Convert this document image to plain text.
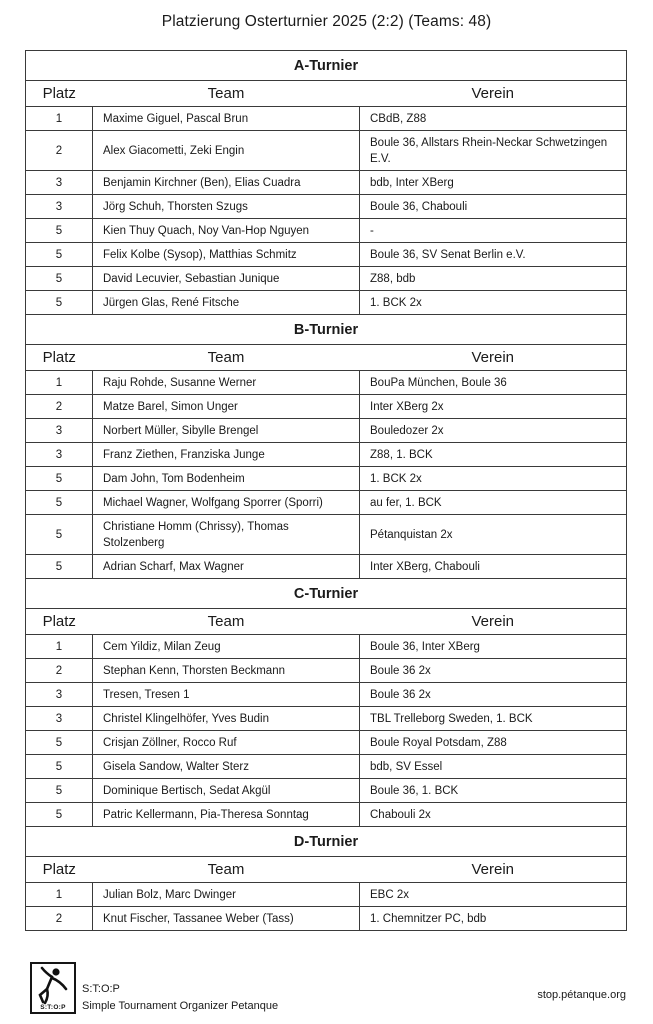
Platzierung Osterturnier 2025 (2:2) (Teams: 48)
A-Turnier		
Platz	Team	Verein
1	Maxime Giguel, Pascal Brun	CBdB, Z88
2	Alex Giacometti, Zeki Engin	Boule 36, Allstars Rhein-Neckar Schwetzingen E.V.
3	Benjamin Kirchner (Ben), Elias Cuadra	bdb, Inter XBerg
3	Jörg Schuh, Thorsten Szugs	Boule 36, Chabouli
5	Kien Thuy Quach, Noy Van-Hop Nguyen	-
5	Felix Kolbe (Sysop), Matthias Schmitz	Boule 36, SV Senat Berlin e.V.
5	David Lecuvier, Sebastian Junique	Z88, bdb
5	Jürgen Glas, René Fitsche	1. BCK 2x
B-Turnier		
Platz	Team	Verein
1	Raju Rohde, Susanne Werner	BouPa München, Boule 36
2	Matze Barel, Simon Unger	Inter XBerg 2x
3	Norbert Müller, Sibylle Brengel	Bouledozer 2x
3	Franz Ziethen, Franziska Junge	Z88, 1. BCK
5	Dam John, Tom Bodenheim	1. BCK 2x
5	Michael Wagner, Wolfgang Sporrer (Sporri)	au fer, 1. BCK
5	Christiane Homm (Chrissy), Thomas Stolzenberg	Pétanquistan 2x
5	Adrian Scharf, Max Wagner	Inter XBerg, Chabouli
C-Turnier		
Platz	Team	Verein
1	Cem Yildiz, Milan Zeug	Boule 36, Inter XBerg
2	Stephan Kenn, Thorsten Beckmann	Boule 36 2x
3	Tresen, Tresen 1	Boule 36 2x
3	Christel Klingelhöfer, Yves Budin	TBL Trelleborg Sweden, 1. BCK
5	Crisjan Zöllner, Rocco Ruf	Boule Royal Potsdam, Z88
5	Gisela Sandow, Walter Sterz	bdb, SV Essel
5	Dominique Bertisch, Sedat Akgül	Boule 36, 1. BCK
5	Patric Kellermann, Pia-Theresa Sonntag	Chabouli 2x
D-Turnier		
Platz	Team	Verein
1	Julian Bolz, Marc Dwinger	EBC 2x
2	Knut Fischer, Tassanee Weber (Tass)	1. Chemnitzer PC, bdb
S:T:O:P
S:T:O:P
Simple Tournament Organizer Petanque
stop.pétanque.org
